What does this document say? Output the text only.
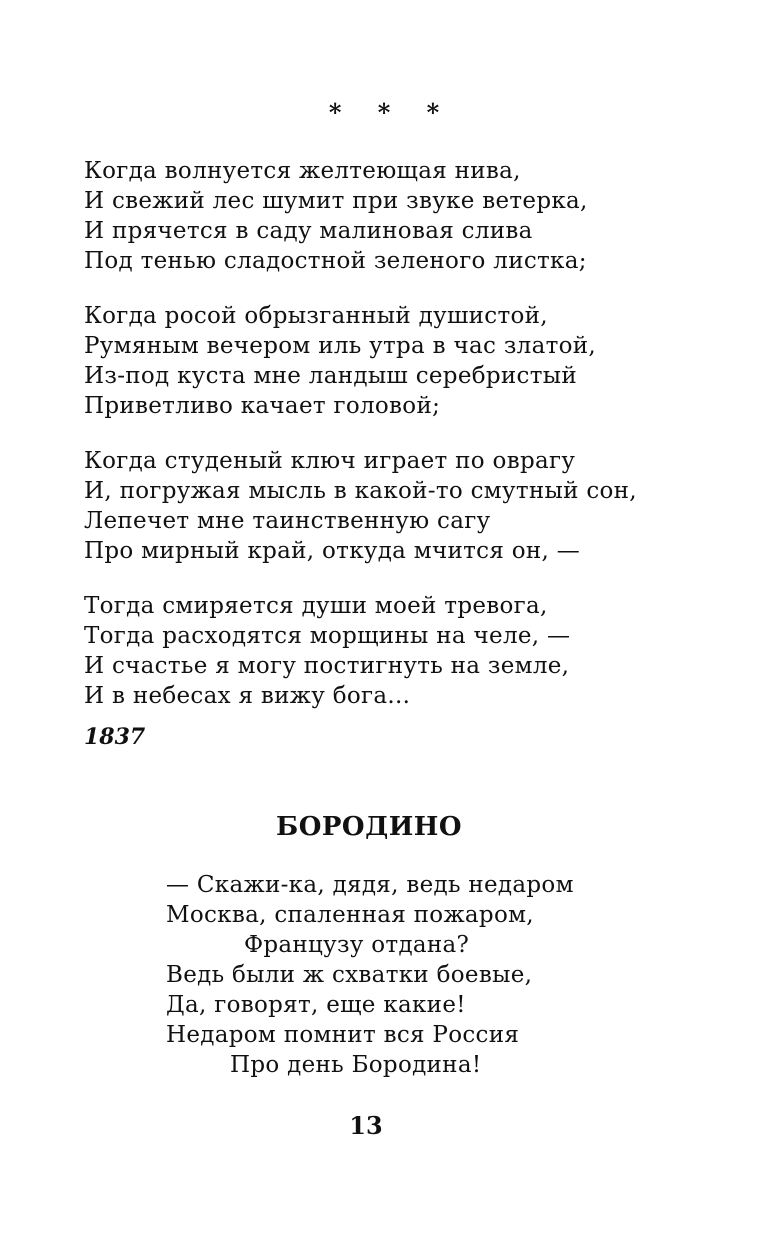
* * *
Когда волнуется желтеющая нива,
И свежий лес шумит при звуке ветерка,
И прячется в саду малиновая слива
Под тенью сладостной зеленого листка;
Когда росой обрызганный душистой,
Румяным вечером иль утра в час златой,
Из-под куста мне ландыш серебристый
Приветливо качает головой;
Когда студеный ключ играет по оврагу
И, погружая мысль в какой-то смутный сон,
Лепечет мне таинственную сагу
Про мирный край, откуда мчится он, —
Тогда смиряется души моей тревога,
Тогда расходятся морщины на челе, —
И счастье я могу постигнуть на земле,
И в небесах я вижу бога...
1837
БОРОДИНО
— Скажи-ка, дядя, ведь недаром
Москва, спаленная пожаром,
Французу отдана?
Ведь были ж схватки боевые,
Да, говорят, еще какие!
Недаром помнит вся Россия
Про день Бородина!
13
